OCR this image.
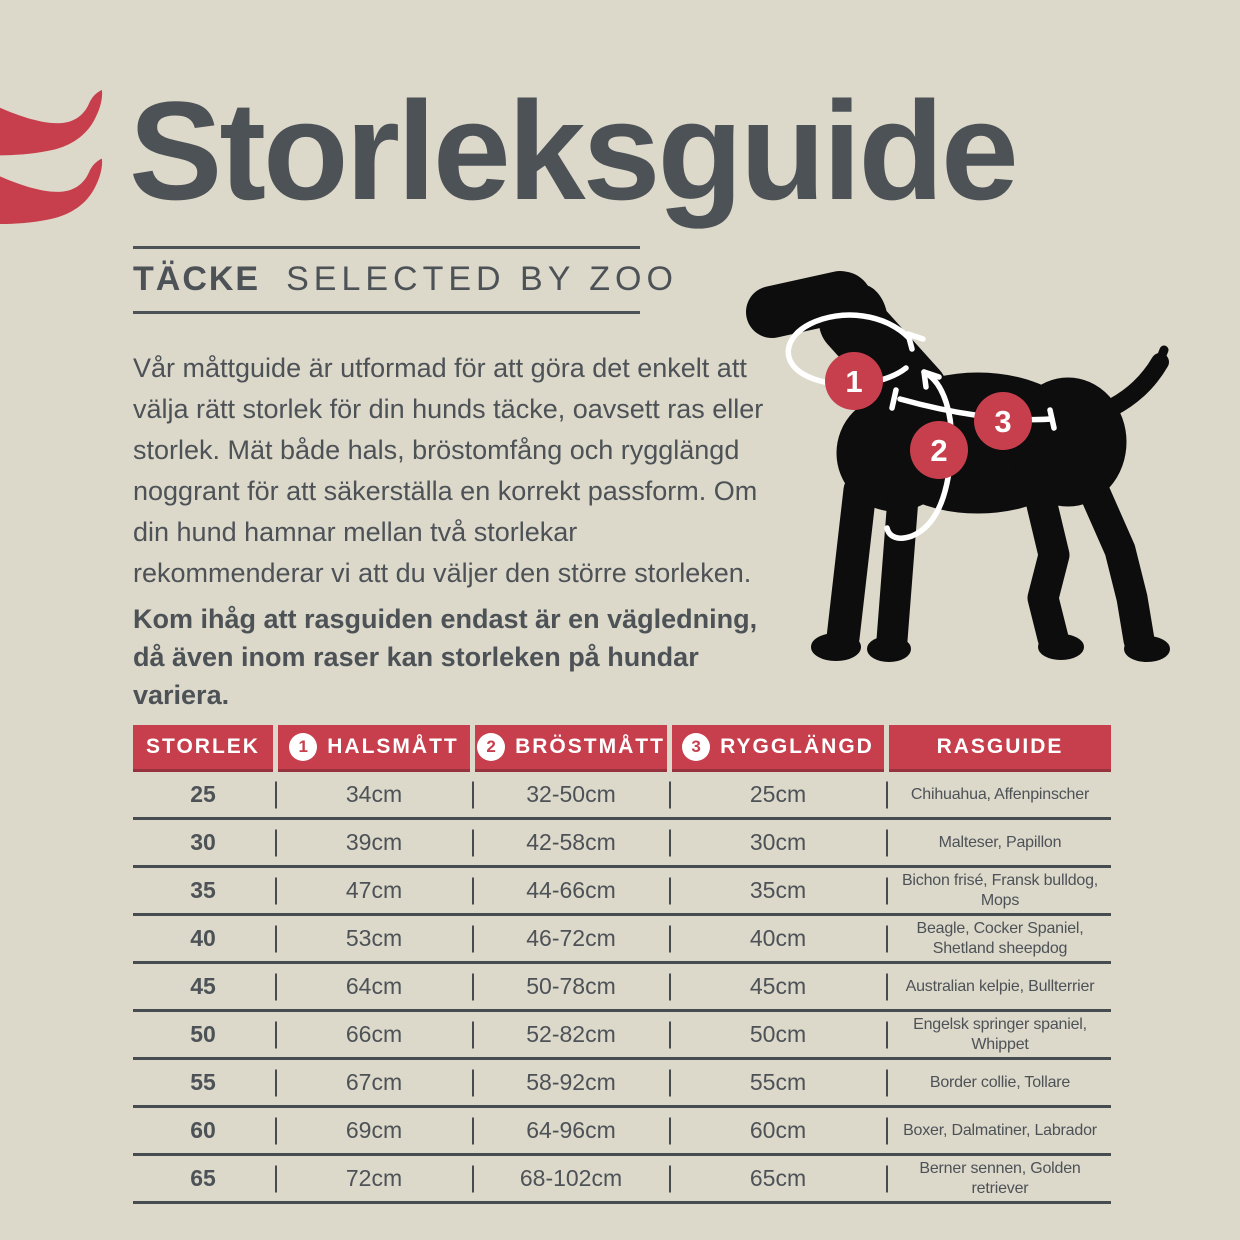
Storleksguide
TÄCKE SELECTED BY ZOO

Vår måttguide är utformad för att göra det enkelt att välja rätt storlek för din hunds täcke, oavsett ras eller storlek. Mät både hals, bröstomfång och rygglängd noggrant för att säkerställa en korrekt passform. Om din hund hamnar mellan två storlekar rekommenderar vi att du väljer den större storleken.

Kom ihåg att rasguiden endast är en vägledning, då även inom raser kan storleken på hundar variera.

1
2
3
STORLEK	1 HALSMÅTT	2 BRÖSTMÅTT	3 RYGGLÄNGD	RASGUIDE
25	34cm	32-50cm	25cm	Chihuahua, Affenpinscher
30	39cm	42-58cm	30cm	Malteser, Papillon
35	47cm	44-66cm	35cm	Bichon frisé, Fransk bulldog, Mops
40	53cm	46-72cm	40cm	Beagle, Cocker Spaniel, Shetland sheepdog
45	64cm	50-78cm	45cm	Australian kelpie, Bullterrier
50	66cm	52-82cm	50cm	Engelsk springer spaniel, Whippet
55	67cm	58-92cm	55cm	Border collie, Tollare
60	69cm	64-96cm	60cm	Boxer, Dalmatiner, Labrador
65	72cm	68-102cm	65cm	Berner sennen, Golden retriever
